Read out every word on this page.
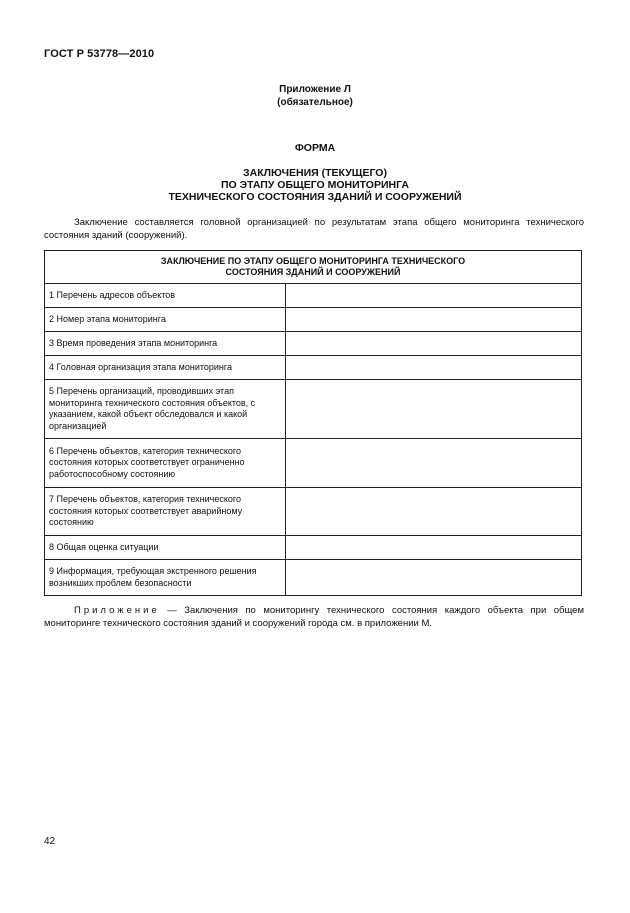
ГОСТ Р 53778—2010
Приложение Л
(обязательное)
ФОРМА
ЗАКЛЮЧЕНИЯ (ТЕКУЩЕГО)
ПО ЭТАПУ ОБЩЕГО МОНИТОРИНГА
ТЕХНИЧЕСКОГО СОСТОЯНИЯ ЗДАНИЙ И СООРУЖЕНИЙ
Заключение составляется головной организацией по результатам этапа общего мониторинга технического состояния зданий (сооружений).
ЗАКЛЮЧЕНИЕ ПО ЭТАПУ ОБЩЕГО МОНИТОРИНГА ТЕХНИЧЕСКОГО
СОСТОЯНИЯ ЗДАНИЙ И СООРУЖЕНИЙ	

1 Перечень адресов объектов	
2 Номер этапа мониторинга	
3 Время проведения этапа мониторинга	
4 Головная организация этапа мониторинга	
5 Перечень организаций, проводивших этап мониторинга технического состояния объектов, с указанием, какой объект обследовался и какой организацией	
6 Перечень объектов, категория технического состояния которых соответствует ограниченно работоспособному состоянию	
7 Перечень объектов, категория технического состояния которых соответствует аварийному состоянию	
8 Общая оценка ситуации	
9 Информация, требующая экстренного решения возникших проблем безопасности	
Приложение — Заключения по мониторингу технического состояния каждого объекта при общем мониторинге технического состояния зданий и сооружений города см. в приложении М.
42
